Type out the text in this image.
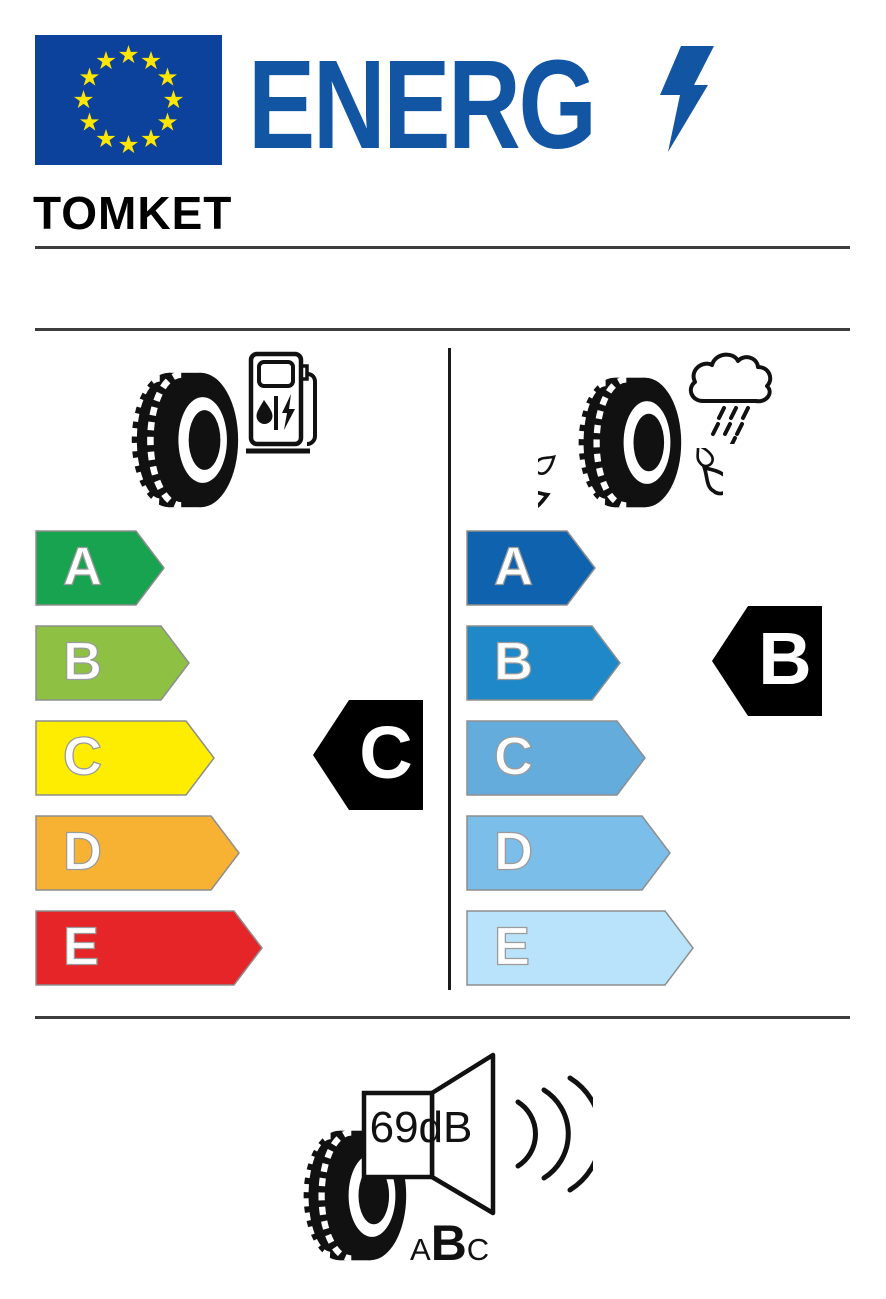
ENERG
TOMKET
A
B
C
D
E
C
A
B
C
D
E
B
69dB
A B C
